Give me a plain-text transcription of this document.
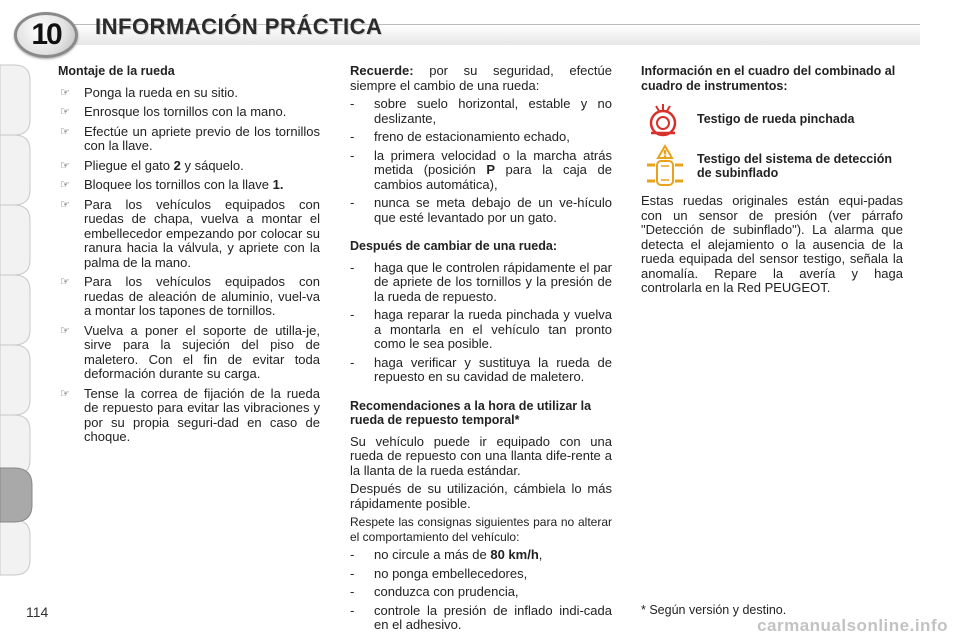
10 INFORMACIÓN PRÁCTICA
Montaje de la rueda
☞	Ponga la rueda en su sitio.
☞	Enrosque los tornillos con la mano.
☞	Efectúe un apriete previo de los tornillos con la llave.
☞	Pliegue el gato 2 y sáquelo.
☞	Bloquee los tornillos con la llave 1.
☞	Para los vehículos equipados con ruedas de chapa, vuelva a montar el embellecedor empezando por colocar su ranura hacia la válvula, y apriete con la palma de la mano.
☞	Para los vehículos equipados con ruedas de aleación de aluminio, vuel-va a montar los tapones de tornillos.
☞	Vuelva a poner el soporte de utilla-je, sirve para la sujeción del piso de maletero. Con el fin de evitar toda deformación durante su carga.
☞	Tense la correa de fijación de la rueda de repuesto para evitar las vibraciones y por su propia seguri-dad en caso de choque.

Recuerde: por su seguridad, efectúe siempre el cambio de una rueda:

-	sobre suelo horizontal, estable y no deslizante,
-	freno de estacionamiento echado,
-	la primera velocidad o la marcha atrás metida (posición P para la caja de cambios automática),
-	nunca se meta debajo de un ve-hículo que esté levantado por un gato.
Después de cambiar de una rueda:
-	haga que le controlen rápidamente el par de apriete de los tornillos y la presión de la rueda de repuesto.
-	haga reparar la rueda pinchada y vuelva a montarla en el vehículo tan pronto como le sea posible.
-	haga verificar y sustituya la rueda de repuesto en su cavidad de maletero.
Recomendaciones a la hora de utilizar la rueda de repuesto temporal*

Su vehículo puede ir equipado con una rueda de repuesto con una llanta dife-rente a la llanta de la rueda estándar.

Después de su utilización, cámbiela lo más rápidamente posible.

Respete las consignas siguientes para no alterar el comportamiento del vehículo:

-	no circule a más de 80 km/h,
-	no ponga embellecedores,
-	conduzca con prudencia,
-	controle la presión de inflado indi-cada en el adhesivo.
Información en el cuadro del combinado al cuadro de instrumentos:
Testigo de rueda pinchada
Testigo del sistema de detección de subinflado

Estas ruedas originales están equi-padas con un sensor de presión (ver párrafo "Detección de subinflado"). La alarma que detecta el alejamiento o la ausencia de la rueda equipada del sensor testigo, señala la anomalía. Repare la avería y haga controlarla en la Red PEUGEOT.

114	* Según versión y destino.
carmanualsonline.info
